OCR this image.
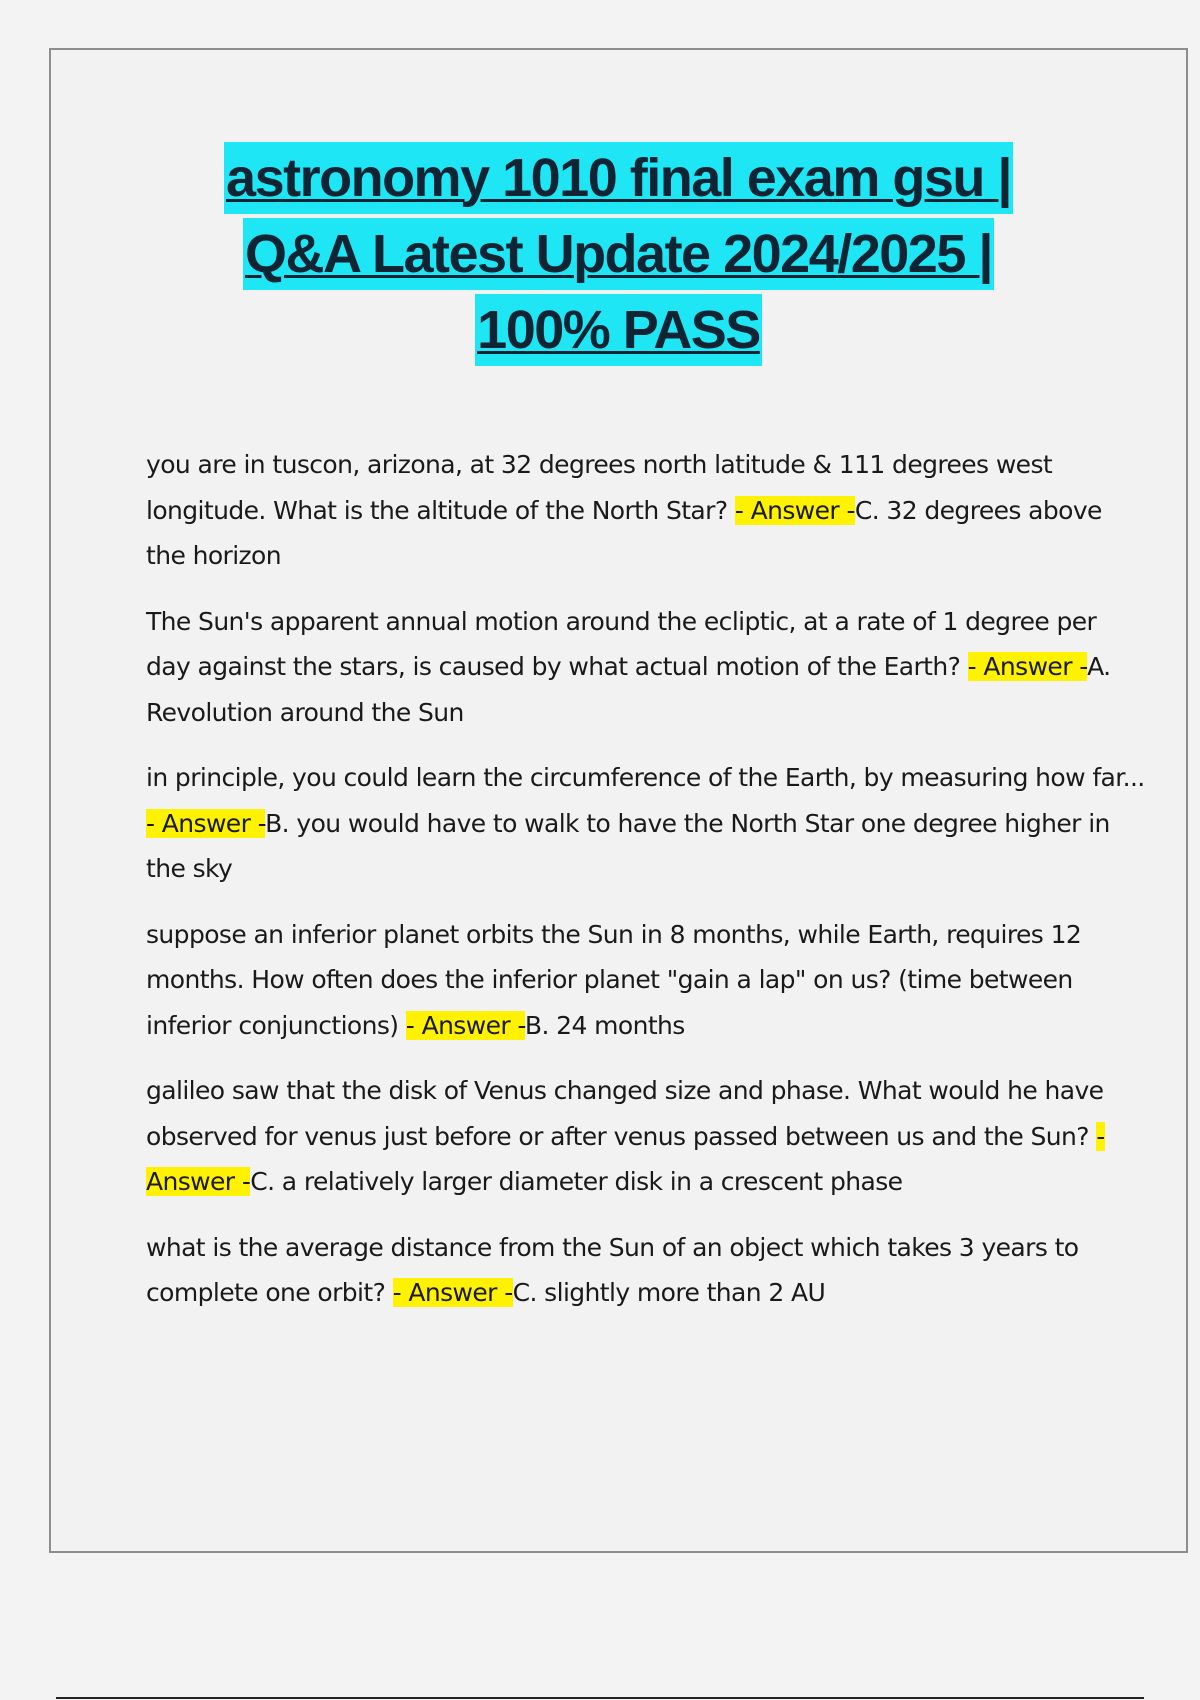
astronomy 1010 final exam gsu |
Q&A Latest Update 2024/2025 |
100% PASS

you are in tuscon, arizona, at 32 degrees north latitude & 111 degrees west longitude. What is the altitude of the North Star? - Answer -C. 32 degrees above the horizon

The Sun's apparent annual motion around the ecliptic, at a rate of 1 degree per day against the stars, is caused by what actual motion of the Earth? - Answer -A. Revolution around the Sun

in principle, you could learn the circumference of the Earth, by measuring how far... - Answer -B. you would have to walk to have the North Star one degree higher in the sky

suppose an inferior planet orbits the Sun in 8 months, while Earth, requires 12 months. How often does the inferior planet "gain a lap" on us? (time between inferior conjunctions) - Answer -B. 24 months

galileo saw that the disk of Venus changed size and phase. What would he have observed for venus just before or after venus passed between us and the Sun? - Answer -C. a relatively larger diameter disk in a crescent phase

what is the average distance from the Sun of an object which takes 3 years to complete one orbit? - Answer -C. slightly more than 2 AU
